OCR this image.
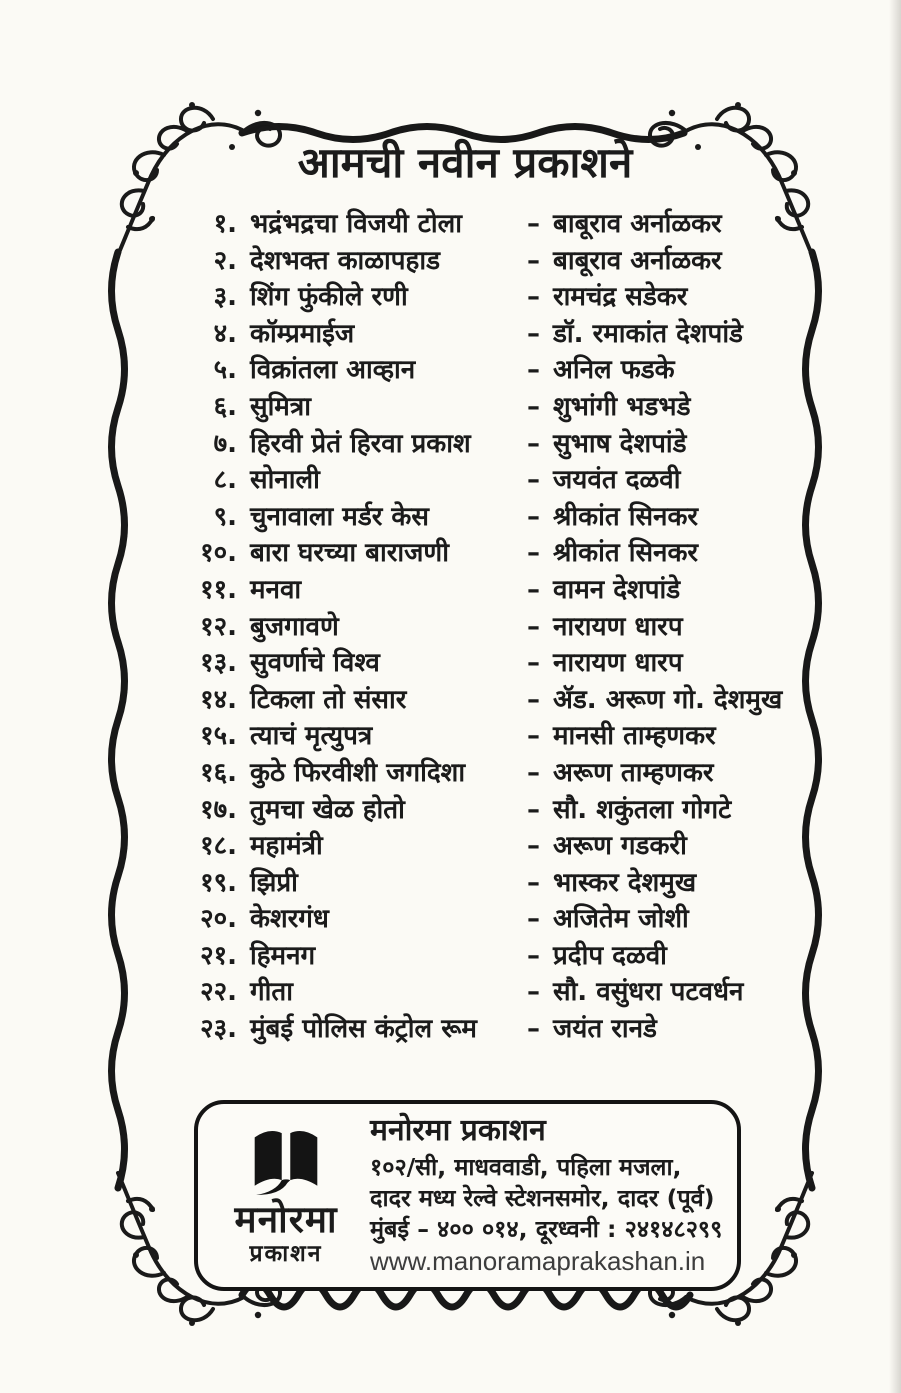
आमची नवीन प्रकाशने
१. भद्रंभद्रचा विजयी टोला – बाबूराव अर्नाळकर
२. देशभक्त काळापहाड	– बाबूराव अर्नाळकर
३. शिंग फुंकीले रणी	– रामचंद्र सडेकर
४. कॉम्प्रमाईज	– डॉ. रमाकांत देशपांडे
५. विक्रांतला आव्हान	– अनिल फडके
६. सुमित्रा	– शुभांगी भडभडे
७. हिरवी प्रेतं हिरवा प्रकाश – सुभाष देशपांडे
८. सोनाली	– जयवंत दळवी
९. चुनावाला मर्डर केस	– श्रीकांत सिनकर
१०. बारा घरच्या बाराजणी	– श्रीकांत सिनकर
११. मनवा	– वामन देशपांडे
१२. बुजगावणे	– नारायण धारप
१३. सुवर्णाचे विश्व	– नारायण धारप
१४. टिकला तो संसार	– ॲड. अरूण गो. देशमुख
१५. त्याचं मृत्युपत्र	– मानसी ताम्हणकर
१६. कुठे फिरवीशी जगदिशा – अरूण ताम्हणकर
१७. तुमचा खेळ होतो	– सौ. शकुंतला गोगटे
१८. महामंत्री	– अरूण गडकरी
१९. झिप्री	– भास्कर देशमुख
२०. केशरगंध	– अजितेम जोशी
२१. हिमनग	– प्रदीप दळवी
२२. गीता	– सौ. वसुंधरा पटवर्धन
२३. मुंबई पोलिस कंट्रोल रूम – जयंत रानडे
मनोरमा
प्रकाशन
मनोरमा प्रकाशन
१०२/सी, माधववाडी, पहिला मजला,
दादर मध्य रेल्वे स्टेशनसमोर, दादर (पूर्व)
मुंबई – ४०० ०१४, दूरध्वनी : २४१४८२९९
www.manoramaprakashan.in
